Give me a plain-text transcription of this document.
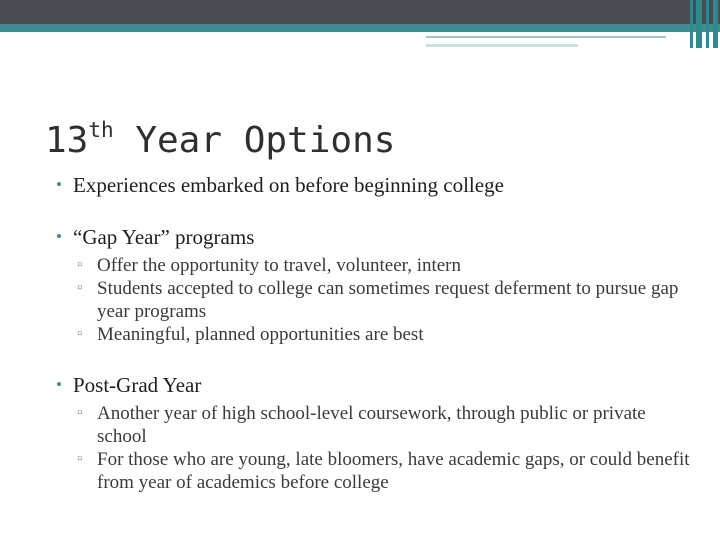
13th Year Options
• Experiences embarked on before beginning college
• “Gap Year” programs

▫ Offer the opportunity to travel, volunteer, intern

▫ Students accepted to college can sometimes request deferment to pursue gap year programs

▫ Meaningful, planned opportunities are best

• Post-Grad Year

▫ Another year of high school-level coursework, through public or private school

▫ For those who are young, late bloomers, have academic gaps, or could benefit from year of academics before college
